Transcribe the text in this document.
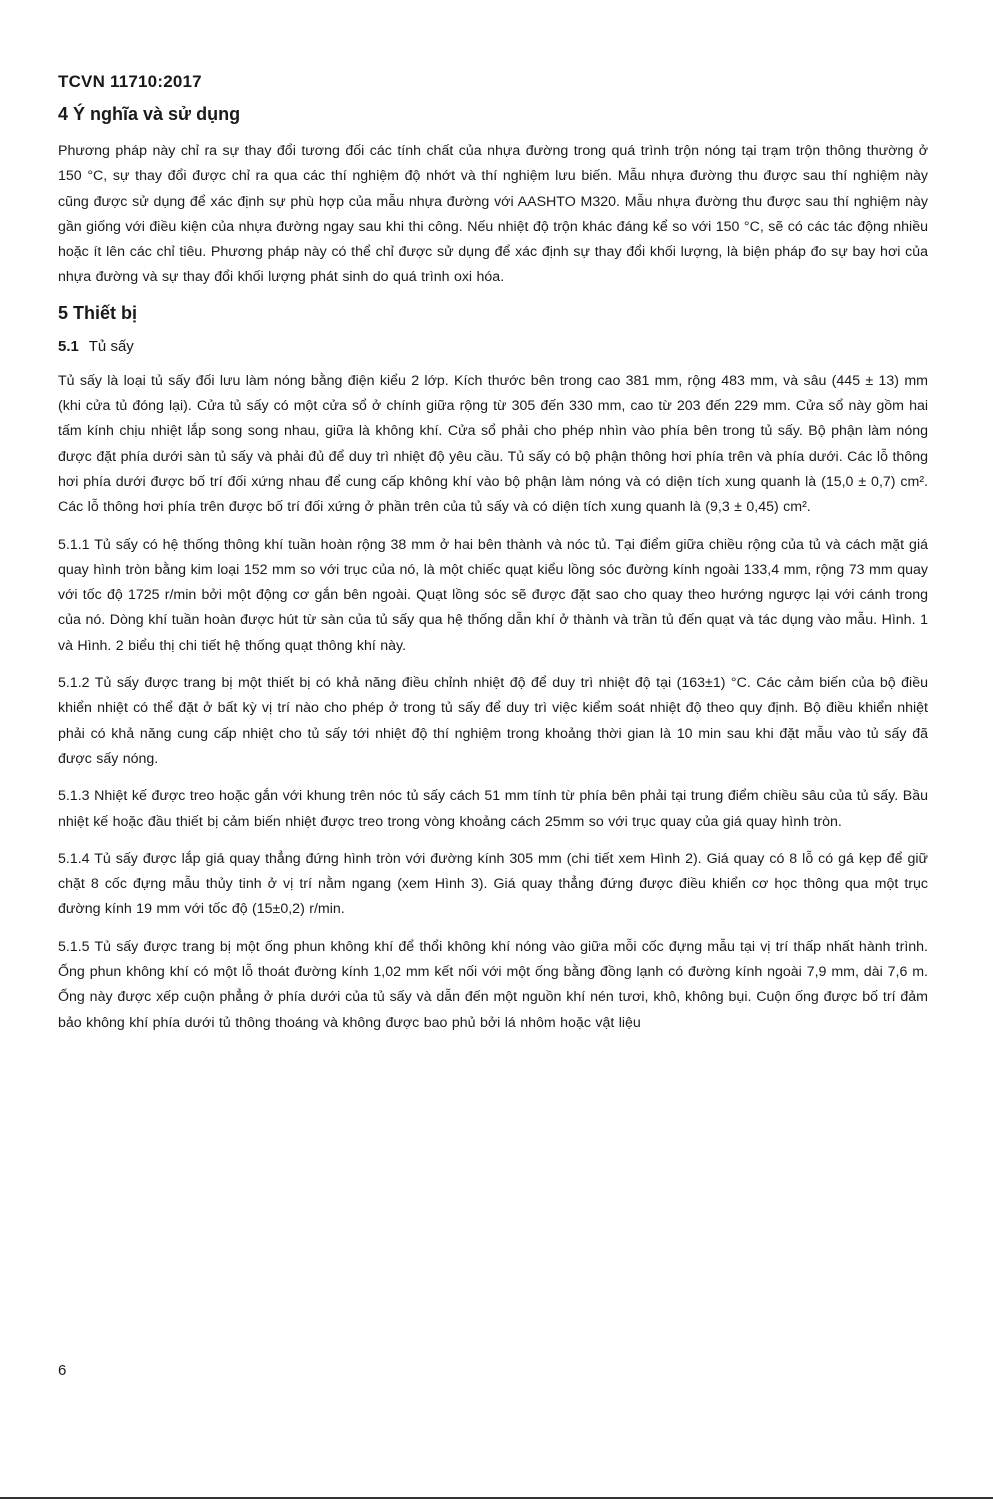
TCVN 11710:2017
4 Ý nghĩa và sử dụng

Phương pháp này chỉ ra sự thay đổi tương đối các tính chất của nhựa đường trong quá trình trộn nóng tại trạm trộn thông thường ở 150 °C, sự thay đổi được chỉ ra qua các thí nghiệm độ nhớt và thí nghiệm lưu biến. Mẫu nhựa đường thu được sau thí nghiệm này cũng được sử dụng để xác định sự phù hợp của mẫu nhựa đường với AASHTO M320. Mẫu nhựa đường thu được sau thí nghiệm này gần giống với điều kiện của nhựa đường ngay sau khi thi công. Nếu nhiệt độ trộn khác đáng kể so với 150 °C, sẽ có các tác động nhiều hoặc ít lên các chỉ tiêu. Phương pháp này có thể chỉ được sử dụng để xác định sự thay đổi khối lượng, là biện pháp đo sự bay hơi của nhựa đường và sự thay đổi khối lượng phát sinh do quá trình oxi hóa.

5 Thiết bị
5.1 Tủ sấy

Tủ sấy là loại tủ sấy đối lưu làm nóng bằng điện kiểu 2 lớp. Kích thước bên trong cao 381 mm, rộng 483 mm, và sâu (445 ± 13) mm (khi cửa tủ đóng lại). Cửa tủ sấy có một cửa sổ ở chính giữa rộng từ 305 đến 330 mm, cao từ 203 đến 229 mm. Cửa sổ này gồm hai tấm kính chịu nhiệt lắp song song nhau, giữa là không khí. Cửa sổ phải cho phép nhìn vào phía bên trong tủ sấy. Bộ phận làm nóng được đặt phía dưới sàn tủ sấy và phải đủ để duy trì nhiệt độ yêu cầu. Tủ sấy có bộ phận thông hơi phía trên và phía dưới. Các lỗ thông hơi phía dưới được bố trí đối xứng nhau để cung cấp không khí vào bộ phận làm nóng và có diện tích xung quanh là (15,0 ± 0,7) cm². Các lỗ thông hơi phía trên được bố trí đối xứng ở phần trên của tủ sấy và có diện tích xung quanh là (9,3 ± 0,45) cm².

5.1.1 Tủ sấy có hệ thống thông khí tuần hoàn rộng 38 mm ở hai bên thành và nóc tủ. Tại điểm giữa chiều rộng của tủ và cách mặt giá quay hình tròn bằng kim loại 152 mm so với trục của nó, là một chiếc quạt kiểu lồng sóc đường kính ngoài 133,4 mm, rộng 73 mm quay với tốc độ 1725 r/min bởi một động cơ gắn bên ngoài. Quạt lồng sóc sẽ được đặt sao cho quay theo hướng ngược lại với cánh trong của nó. Dòng khí tuần hoàn được hút từ sàn của tủ sấy qua hệ thống dẫn khí ở thành và trần tủ đến quạt và tác dụng vào mẫu. Hình. 1 và Hình. 2 biểu thị chi tiết hệ thống quạt thông khí này.

5.1.2 Tủ sấy được trang bị một thiết bị có khả năng điều chỉnh nhiệt độ để duy trì nhiệt độ tại (163±1) °C. Các cảm biến của bộ điều khiển nhiệt có thể đặt ở bất kỳ vị trí nào cho phép ở trong tủ sấy để duy trì việc kiểm soát nhiệt độ theo quy định. Bộ điều khiển nhiệt phải có khả năng cung cấp nhiệt cho tủ sấy tới nhiệt độ thí nghiệm trong khoảng thời gian là 10 min sau khi đặt mẫu vào tủ sấy đã được sấy nóng.

5.1.3 Nhiệt kế được treo hoặc gắn với khung trên nóc tủ sấy cách 51 mm tính từ phía bên phải tại trung điểm chiều sâu của tủ sấy. Bầu nhiệt kế hoặc đầu thiết bị cảm biến nhiệt được treo trong vòng khoảng cách 25mm so với trục quay của giá quay hình tròn.

5.1.4 Tủ sấy được lắp giá quay thẳng đứng hình tròn với đường kính 305 mm (chi tiết xem Hình 2). Giá quay có 8 lỗ có gá kẹp để giữ chặt 8 cốc đựng mẫu thủy tinh ở vị trí nằm ngang (xem Hình 3). Giá quay thẳng đứng được điều khiển cơ học thông qua một trục đường kính 19 mm với tốc độ (15±0,2) r/min.

5.1.5 Tủ sấy được trang bị một ống phun không khí để thổi không khí nóng vào giữa mỗi cốc đựng mẫu tại vị trí thấp nhất hành trình. Ống phun không khí có một lỗ thoát đường kính 1,02 mm kết nối với một ống bằng đồng lạnh có đường kính ngoài 7,9 mm, dài 7,6 m. Ống này được xếp cuộn phẳng ở phía dưới của tủ sấy và dẫn đến một nguồn khí nén tươi, khô, không bụi. Cuộn ống được bố trí đảm bảo không khí phía dưới tủ thông thoáng và không được bao phủ bởi lá nhôm hoặc vật liệu

6
